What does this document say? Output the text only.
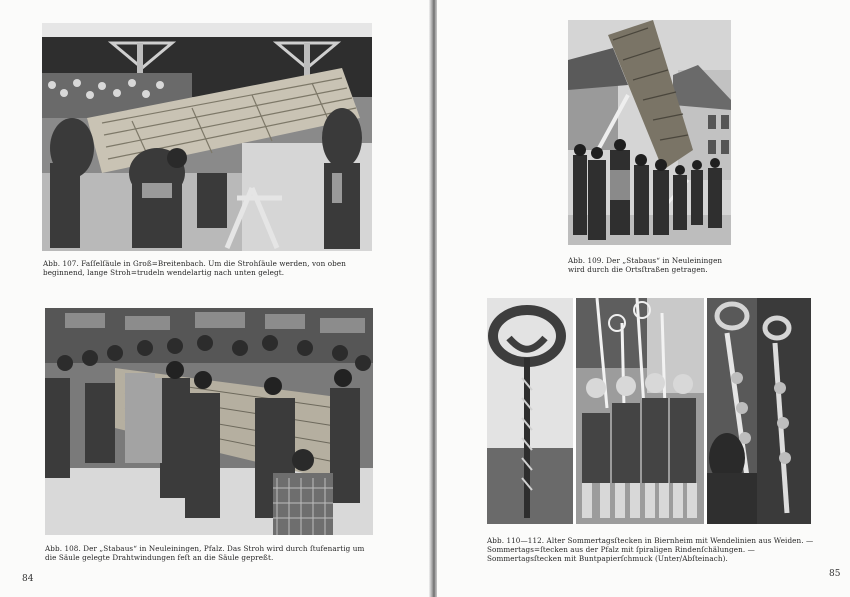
Abb. 107. Faſſelſäule in Groß=Breitenbach. Um die Strohſäule werden, von oben beginnend, lange Stroh=trudeln wendelartig nach unten gelegt.
Abb. 108. Der „Stabaus“ in Neuleiningen, Pfalz. Das Stroh wird durch ſtufenartig um die Säule gelegte Drahtwindungen feſt an die Säule gepreßt.
84
Abb. 109. Der „Stabaus“ in Neuleiningen wird durch die Ortsſtraßen getragen.
Abb. 110—112. Alter Sommertagsſtecken in Biernheim mit Wendelinien aus Weiden. — Sommertags=ſtecken aus der Pfalz mit ſpiraligen Rindenſchälungen. — Sommertagsſtecken mit Buntpapierſchmuck (Unter/Abſteinach).
85
